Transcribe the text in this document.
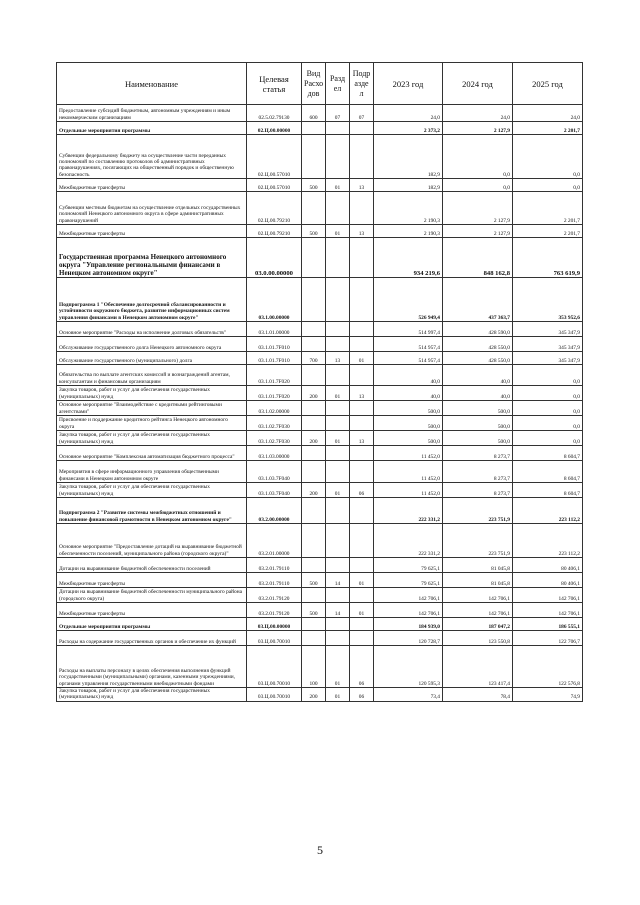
Наименование	Целевая статья	Вид Расхо дов	Разд ел	Подр азде л	2023 год	2024 год	2025 год
Предоставление субсидий бюджетным, автономным учреждениям и иным некоммерческим организациям	02.5.02.79130	600	07	07	24,0	24,0	24,0
Отдельные мероприятия программы	02.Ц.00.00000				2 373,2	2 127,9	2 201,7
Субвенции федеральному бюджету на осуществление части переданных полномочий по составлению протоколов об административных правонарушениях, посягающих на общественный порядок и общественную безопасность	02.Ц.00.57010				182,9	0,0	0,0
Межбюджетные трансферты	02.Ц.00.57010	500	01	13	182,9	0,0	0,0
Субвенции местным бюджетам на осуществление отдельных государственных полномочий Ненецкого автономного округа в сфере административных правонарушений	02.Ц.00.79210				2 190,3	2 127,9	2 201,7
Межбюджетные трансферты	02.Ц.00.79210	500	01	13	2 190,3	2 127,9	2 201,7
Государственная программа Ненецкого автономного округа "Управление региональными финансами в Ненецком автономном округе"	03.0.00.00000				934 219,6	848 162,8	763 619,9
Подпрограмма 1 "Обеспечение долгосрочной сбалансированности и устойчивости окружного бюджета, развитие информационных систем управления финансами в Ненецком автономном округе"	03.1.00.00000				526 949,4	437 363,7	353 952,6
Основное мероприятие "Расходы на исполнение долговых обязательств"	03.1.01.00000				514 997,4	428 590,0	345 347,9
Обслуживание государственного долга Ненецкого автономного округа	03.1.01.7F010				514 957,4	428 550,0	345 347,9
Обслуживание государственного (муниципального) долга	03.1.01.7F010	700	13	01	514 957,4	428 550,0	345 347,9
Обязательства по выплате агентских комиссий и вознаграждений агентам, консультантам и финансовым организациям	03.1.01.7F020				40,0	40,0	0,0
Закупка товаров, работ и услуг для обеспечения государственных (муниципальных) нужд	03.1.01.7F020	200	01	13	40,0	40,0	0,0
Основное мероприятие "Взаимодействие с кредитными рейтинговыми агентствами"	03.1.02.00000				500,0	500,0	0,0
Присвоение и поддержание кредитного рейтинга Ненецкого автономного округа	03.1.02.7F030				500,0	500,0	0,0
Закупка товаров, работ и услуг для обеспечения государственных (муниципальных) нужд	03.1.02.7F030	200	01	13	500,0	500,0	0,0
Основное мероприятие "Комплексная автоматизация бюджетного процесса"	03.1.03.00000				11 452,0	8 273,7	8 604,7
Мероприятия в сфере информационного управления общественными финансами в Ненецком автономном округе	03.1.03.7F040				11 452,0	8 273,7	8 604,7
Закупка товаров, работ и услуг для обеспечения государственных (муниципальных) нужд	03.1.03.7F040	200	01	06	11 452,0	8 273,7	8 604,7
Подпрограмма 2 "Развитие системы межбюджетных отношений и повышение финансовой грамотности в Ненецком автономном округе"	03.2.00.00000				222 331,2	223 751,9	223 112,2
Основное мероприятие "Предоставление дотаций на выравнивание бюджетной обеспеченности поселений, муниципального района (городского округа)"	03.2.01.00000				222 331,2	223 751,9	223 112,2
Дотации на выравнивание бюджетной обеспеченности поселений	03.2.01.79110				79 625,1	81 045,8	80 406,1
Межбюджетные трансферты	03.2.01.79110	500	14	01	79 625,1	81 045,8	80 406,1
Дотации на выравнивание бюджетной обеспеченности муниципального района (городского округа)	03.2.01.79120				142 706,1	142 706,1	142 706,1
Межбюджетные трансферты	03.2.01.79120	500	14	01	142 706,1	142 706,1	142 706,1
Отдельные мероприятия программы	03.Ц.00.00000				184 939,0	187 047,2	186 555,1
Расходы на содержание государственных органов и обеспечение их функций	03.Ц.00.70010				120 728,7	123 550,8	122 706,7
Расходы на выплаты персоналу в целях обеспечения выполнения функций государственными (муниципальными) органами, казенными учреждениями, органами управления государственными внебюджетными фондами	03.Ц.00.70010	100	01	06	120 595,3	123 417,4	122 576,8
Закупка товаров, работ и услуг для обеспечения государственных (муниципальных) нужд	03.Ц.00.70010	200	01	06	73,4	78,4	74,9
5
